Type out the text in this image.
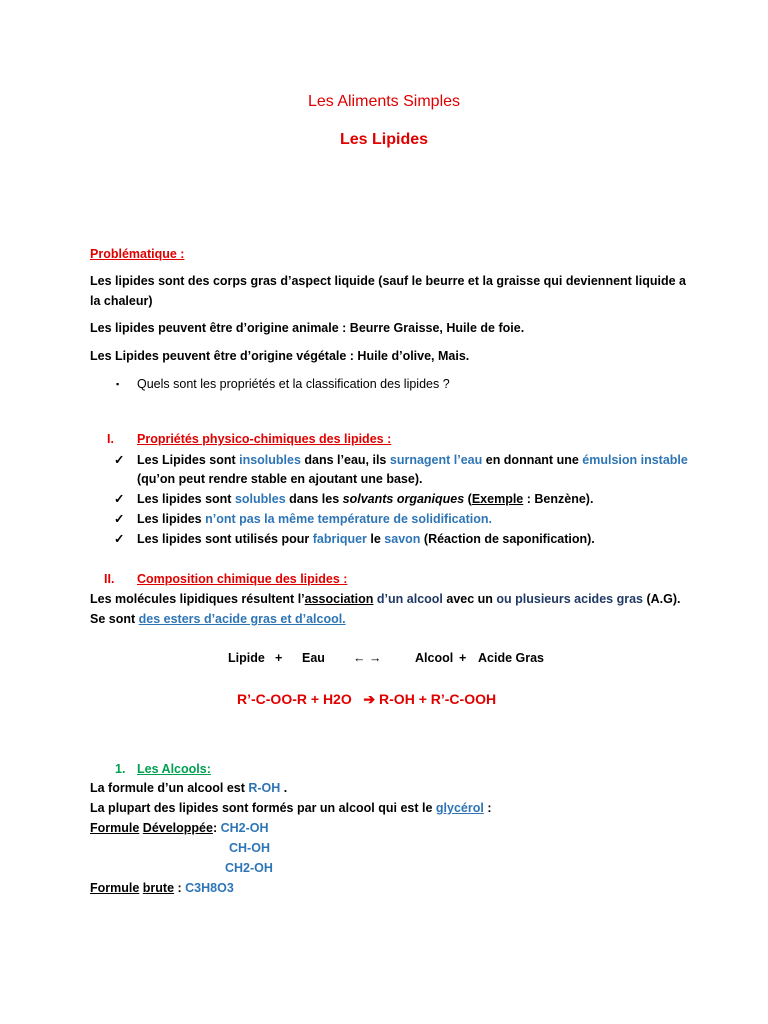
Les Aliments Simples
Les Lipides
Problématique :
Les lipides sont des corps gras d’aspect liquide (sauf le beurre et la graisse qui deviennent liquide a
la chaleur)
Les lipides peuvent être d’origine animale : Beurre Graisse, Huile de foie.
Les Lipides peuvent être d’origine végétale : Huile d’olive, Mais.
▪ Quels sont les propriétés et la classification des lipides ?
I. Propriétés physico-chimiques des lipides :
✓ Les Lipides sont insolubles dans l’eau, ils surnagent l’eau en donnant une émulsion instable
(qu’on peut rendre stable en ajoutant une base).
✓ Les lipides sont solubles dans les solvants organiques (Exemple : Benzène).
✓ Les lipides n’ont pas la même température de solidification.
✓ Les lipides sont utilisés pour fabriquer le savon (Réaction de saponification).
II. Composition chimique des lipides :
Les molécules lipidiques résultent l’association d’un alcool avec un ou plusieurs acides gras (A.G).
Se sont des esters d’acide gras et d’alcool.
Lipide + Eau ← →	Alcool + Acide Gras
R’-C-OO-R + H2O ➔ R-OH + R’-C-OOH
1. Les Alcools:
La formule d’un alcool est R-OH .
La plupart des lipides sont formés par un alcool qui est le glycérol :
Formule Développée: CH2-OH
CH-OH
CH2-OH
Formule brute : C3H8O3
